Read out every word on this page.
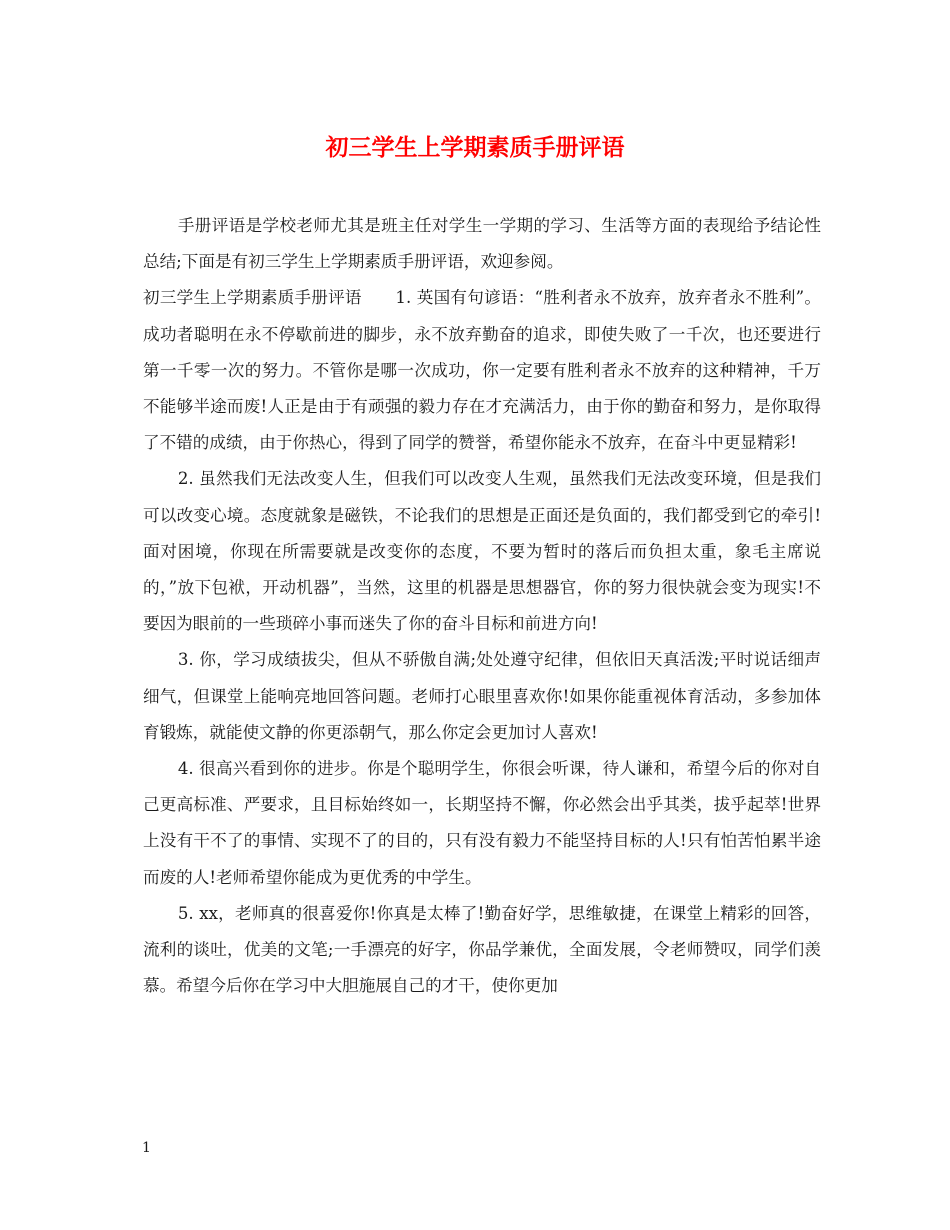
初三学生上学期素质手册评语

手册评语是学校老师尤其是班主任对学生一学期的学习、生活等方面的表现给予结论性总结;下面是有初三学生上学期素质手册评语，欢迎参阅。

初三学生上学期素质手册评语　　1. 英国有句谚语：“胜利者永不放弃，放弃者永不胜利”。成功者聪明在永不停歇前进的脚步，永不放弃勤奋的追求，即使失败了一千次，也还要进行第一千零一次的努力。不管你是哪一次成功，你一定要有胜利者永不放弃的这种精神，千万不能够半途而废!人正是由于有顽强的毅力存在才充满活力，由于你的勤奋和努力，是你取得了不错的成绩，由于你热心，得到了同学的赞誉，希望你能永不放弃，在奋斗中更显精彩!

2. 虽然我们无法改变人生，但我们可以改变人生观，虽然我们无法改变环境，但是我们可以改变心境。态度就象是磁铁，不论我们的思想是正面还是负面的，我们都受到它的牵引!面对困境，你现在所需要就是改变你的态度，不要为暂时的落后而负担太重，象毛主席说的，”放下包袱，开动机器”，当然，这里的机器是思想器官，你的努力很快就会变为现实!不要因为眼前的一些琐碎小事而迷失了你的奋斗目标和前进方向!

3. 你，学习成绩拔尖，但从不骄傲自满;处处遵守纪律，但依旧天真活泼;平时说话细声细气，但课堂上能响亮地回答问题。老师打心眼里喜欢你!如果你能重视体育活动，多参加体育锻炼，就能使文静的你更添朝气，那么你定会更加讨人喜欢!

4. 很高兴看到你的进步。你是个聪明学生，你很会听课，待人谦和，希望今后的你对自己更高标准、严要求，且目标始终如一，长期坚持不懈，你必然会出乎其类，拔乎起萃!世界上没有干不了的事情、实现不了的目的，只有没有毅力不能坚持目标的人!只有怕苦怕累半途而废的人!老师希望你能成为更优秀的中学生。

5. xx，老师真的很喜爱你!你真是太棒了!勤奋好学，思维敏捷，在课堂上精彩的回答，流利的谈吐，优美的文笔;一手漂亮的好字，你品学兼优，全面发展，令老师赞叹，同学们羡慕。希望今后你在学习中大胆施展自己的才干，使你更加

1
